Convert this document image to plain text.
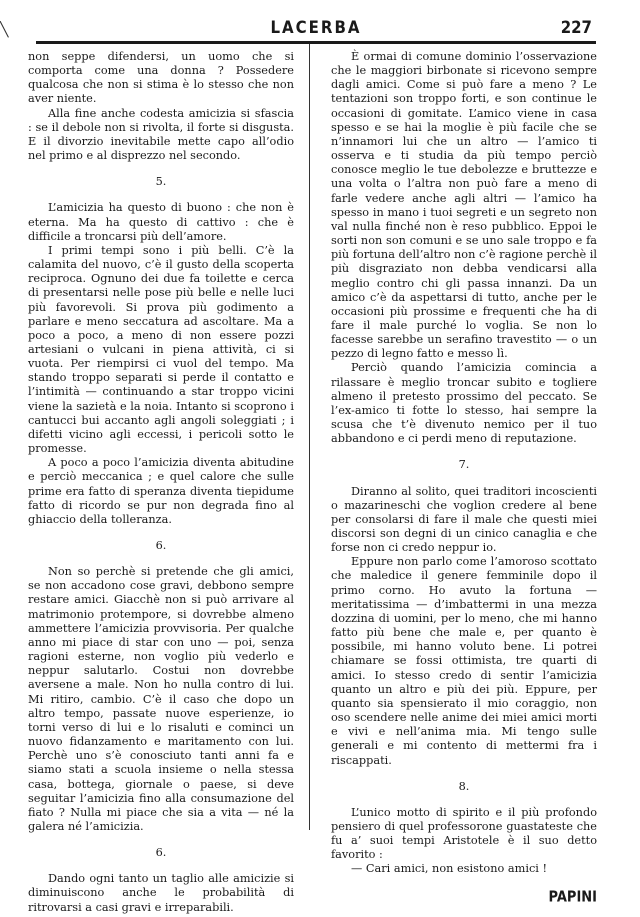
╲	LACERBA	227

non seppe difendersi, un uomo che si comporta come una donna ? Possedere qualcosa che non si stima è lo stesso che non aver niente.

Alla fine anche codesta amicizia si sfascia : se il debole non si rivolta, il forte si disgusta. E il divorzio inevitabile mette capo all’odio nel primo e al disprezzo nel secondo.

5.

L’amicizia ha questo di buono : che non è eterna. Ma ha questo di cattivo : che è difficile a troncarsi più dell’amore.

I primi tempi sono i più belli. C’è la calamita del nuovo, c’è il gusto della scoperta reciproca. Ognuno dei due fa toilette e cerca di presentarsi nelle pose più belle e nelle luci più favorevoli. Si prova più godimento a parlare e meno seccatura ad ascoltare. Ma a poco a poco, a meno di non essere pozzi artesiani o vulcani in piena attività, ci si vuota. Per riempirsi ci vuol del tempo. Ma stando troppo separati si perde il contatto e l’intimità — continuando a star troppo vicini viene la sazietà e la noia. Intanto si scoprono i cantucci bui accanto agli angoli soleggiati ; i difetti vicino agli eccessi, i pericoli sotto le promesse.

A poco a poco l’amicizia diventa abitudine e perciò meccanica ; e quel calore che sulle prime era fatto di speranza diventa tiepidume fatto di ricordo se pur non degrada fino al ghiaccio della tolleranza.

6.

Non so perchè si pretende che gli amici, se non accadono cose gravi, debbono sempre restare amici. Giacchè non si può arrivare al matrimonio protempore, si dovrebbe almeno ammettere l’amicizia provvisoria. Per qualche anno mi piace di star con uno — poi, senza ragioni esterne, non voglio più vederlo e neppur salutarlo. Costui non dovrebbe aversene a male. Non ho nulla contro di lui. Mi ritiro, cambio. C’è il caso che dopo un altro tempo, passate nuove esperienze, io torni verso di lui e lo risaluti e cominci un nuovo fidanzamento e maritamento con lui. Perchè uno s’è conosciuto tanti anni fa e siamo stati a scuola insieme o nella stessa casa, bottega, giornale o paese, si deve seguitar l’amicizia fino alla consumazione del fiato ? Nulla mi piace che sia a vita — né la galera né l’amicizia.

6.

Dando ogni tanto un taglio alle amicizie si diminuiscono anche le probabilità di ritrovarsi a casi gravi e irreparabili.

È ormai di comune dominio l’osservazione che le maggiori birbonate si ricevono sempre dagli amici. Come si può fare a meno ? Le tentazioni son troppo forti, e son continue le occasioni di gomitate. L’amico viene in casa spesso e se hai la moglie è più facile che se n’innamori lui che un altro — l’amico ti osserva e ti studia da più tempo perciò conosce meglio le tue debolezze e bruttezze e una volta o l’altra non può fare a meno di farle vedere anche agli altri — l’amico ha spesso in mano i tuoi segreti e un segreto non val nulla finché non è reso pubblico. Eppoi le sorti non son comuni e se uno sale troppo e fa più fortuna dell’altro non c’è ragione perchè il più disgraziato non debba vendicarsi alla meglio contro chi gli passa innanzi. Da un amico c’è da aspettarsi di tutto, anche per le occasioni più prossime e frequenti che ha di fare il male purché lo voglia. Se non lo facesse sarebbe un serafino travestito — o un pezzo di legno fatto e messo lì.

Perciò quando l’amicizia comincia a rilassare è meglio troncar subito e togliere almeno il pretesto prossimo del peccato. Se l’ex-amico ti fotte lo stesso, hai sempre la scusa che t’è divenuto nemico per il tuo abbandono e ci perdi meno di reputazione.

7.

Diranno al solito, quei traditori incoscienti o mazarineschi che voglion credere al bene per consolarsi di fare il male che questi miei discorsi son degni di un cinico canaglia e che forse non ci credo neppur io.

Eppure non parlo come l’amoroso scottato che maledice il genere femminile dopo il primo corno. Ho avuto la fortuna — meritatissima — d’imbattermi in una mezza dozzina di uomini, per lo meno, che mi hanno fatto più bene che male e, per quanto è possibile, mi hanno voluto bene. Li potrei chiamare se fossi ottimista, tre quarti di amici. Io stesso credo di sentir l’amicizia quanto un altro e più dei più. Eppure, per quanto sia spensierato il mio coraggio, non oso scendere nelle anime dei miei amici morti e vivi e nell’anima mia. Mi tengo sulle generali e mi contento di mettermi fra i riscappati.

8.

L’unico motto di spirito e il più profondo pensiero di quel professorone guastateste che fu a’ suoi tempi Aristotele è il suo detto favorito :

— Cari amici, non esistono amici !

PAPINI
